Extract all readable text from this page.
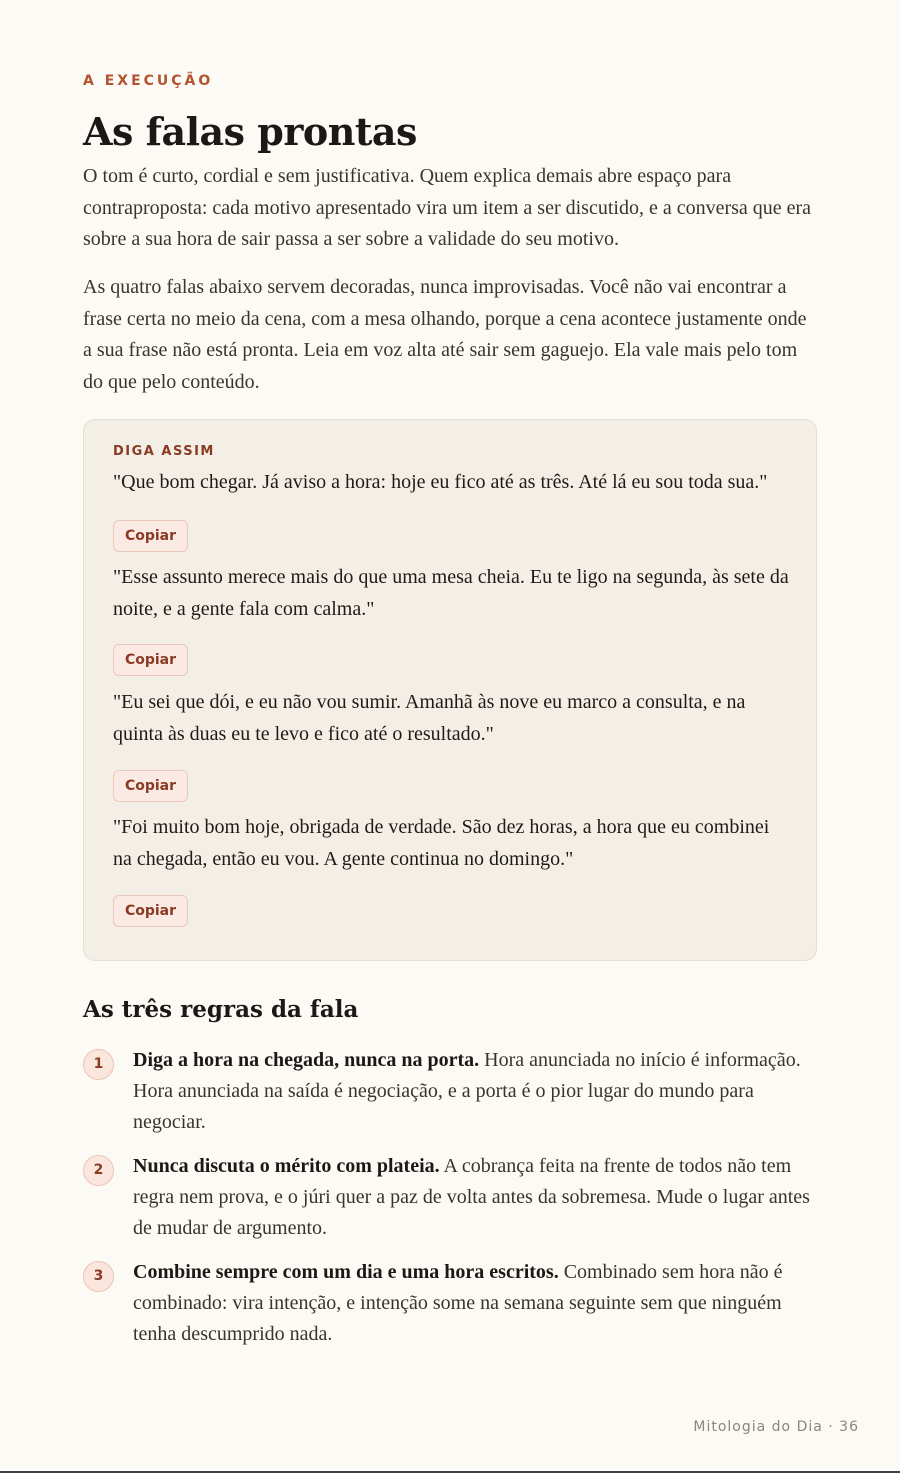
A EXECUÇÃO
As falas prontas

O tom é curto, cordial e sem justificativa. Quem explica demais abre espaço para contraproposta: cada motivo apresentado vira um item a ser discutido, e a conversa que era sobre a sua hora de sair passa a ser sobre a validade do seu motivo.

As quatro falas abaixo servem decoradas, nunca improvisadas. Você não vai encontrar a frase certa no meio da cena, com a mesa olhando, porque a cena acontece justamente onde a sua frase não está pronta. Leia em voz alta até sair sem gaguejo. Ela vale mais pelo tom do que pelo conteúdo.

DIGA ASSIM

"Que bom chegar. Já aviso a hora: hoje eu fico até as três. Até lá eu sou toda sua."

Copiar

"Esse assunto merece mais do que uma mesa cheia. Eu te ligo na segunda, às sete da noite, e a gente fala com calma."

Copiar

"Eu sei que dói, e eu não vou sumir. Amanhã às nove eu marco a consulta, e na quinta às duas eu te levo e fico até o resultado."

Copiar

"Foi muito bom hoje, obrigada de verdade. São dez horas, a hora que eu combinei na chegada, então eu vou. A gente continua no domingo."

Copiar
As três regras da fala
1	Diga a hora na chegada, nunca na porta. Hora anunciada no início é informação. Hora anunciada na saída é negociação, e a porta é o pior lugar do mundo para negociar.

2	Nunca discuta o mérito com plateia. A cobrança feita na frente de todos não tem regra nem prova, e o júri quer a paz de volta antes da sobremesa. Mude o lugar antes de mudar de argumento.

3	Combine sempre com um dia e uma hora escritos. Combinado sem hora não é combinado: vira intenção, e intenção some na semana seguinte sem que ninguém tenha descumprido nada.

Mitologia do Dia · 36
